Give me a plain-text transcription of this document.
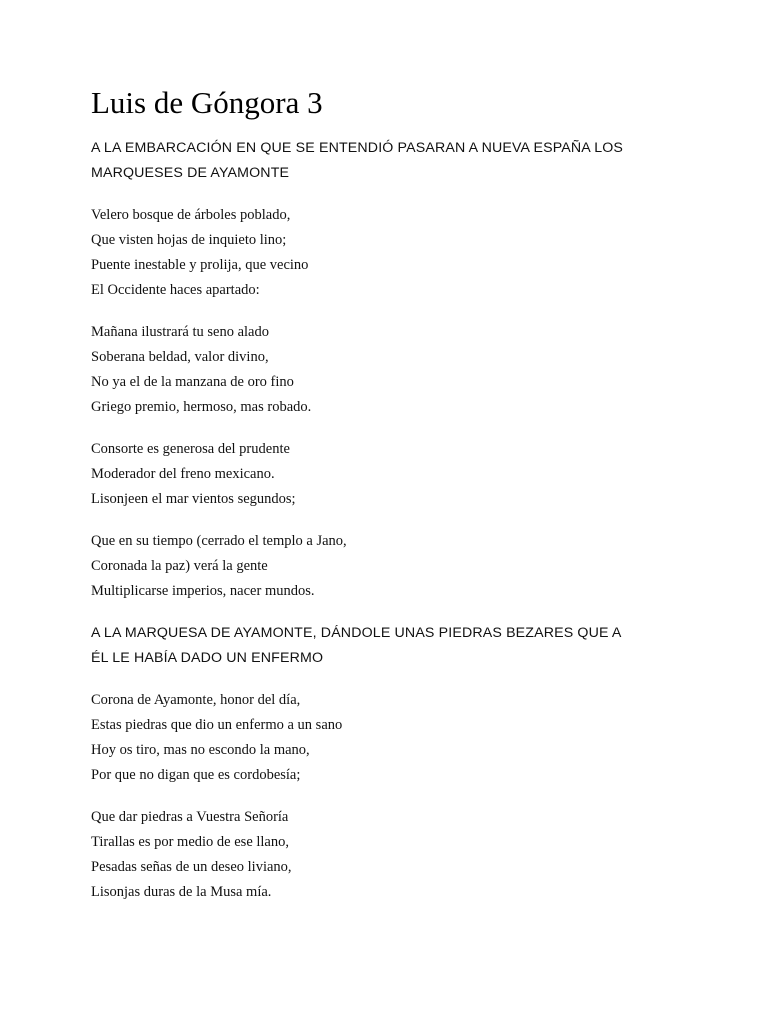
Luis de Góngora 3
A LA EMBARCACIÓN EN QUE SE ENTENDIÓ PASARAN A NUEVA ESPAÑA LOS
MARQUESES DE AYAMONTE
Velero bosque de árboles poblado,
Que visten hojas de inquieto lino;
Puente inestable y prolija, que vecino
El Occidente haces apartado:
Mañana ilustrará tu seno alado
Soberana beldad, valor divino,
No ya el de la manzana de oro fino
Griego premio, hermoso, mas robado.
Consorte es generosa del prudente
Moderador del freno mexicano.
Lisonjeen el mar vientos segundos;
Que en su tiempo (cerrado el templo a Jano,
Coronada la paz) verá la gente
Multiplicarse imperios, nacer mundos.
A LA MARQUESA DE AYAMONTE, DÁNDOLE UNAS PIEDRAS BEZARES QUE A
ÉL LE HABÍA DADO UN ENFERMO
Corona de Ayamonte, honor del día,
Estas piedras que dio un enfermo a un sano
Hoy os tiro, mas no escondo la mano,
Por que no digan que es cordobesía;
Que dar piedras a Vuestra Señoría
Tirallas es por medio de ese llano,
Pesadas señas de un deseo liviano,
Lisonjas duras de la Musa mía.
